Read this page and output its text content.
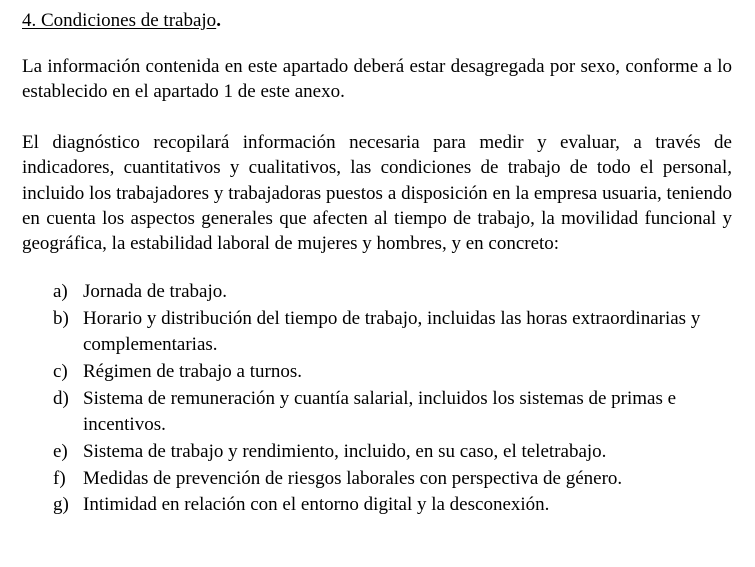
4. Condiciones de trabajo.

La información contenida en este apartado deberá estar desagregada por sexo, conforme a lo establecido en el apartado 1 de este anexo.

El diagnóstico recopilará información necesaria para medir y evaluar, a través de indicadores, cuantitativos y cualitativos, las condiciones de trabajo de todo el personal, incluido los trabajadores y trabajadoras puestos a disposición en la empresa usuaria, teniendo en cuenta los aspectos generales que afecten al tiempo de trabajo, la movilidad funcional y geográfica, la estabilidad laboral de mujeres y hombres, y en concreto:

a) Jornada de trabajo.
b) Horario y distribución del tiempo de trabajo, incluidas las horas extraordinarias y complementarias.
c) Régimen de trabajo a turnos.
d) Sistema de remuneración y cuantía salarial, incluidos los sistemas de primas e incentivos.
e) Sistema de trabajo y rendimiento, incluido, en su caso, el teletrabajo.
f) Medidas de prevención de riesgos laborales con perspectiva de género.
g) Intimidad en relación con el entorno digital y la desconexión.
